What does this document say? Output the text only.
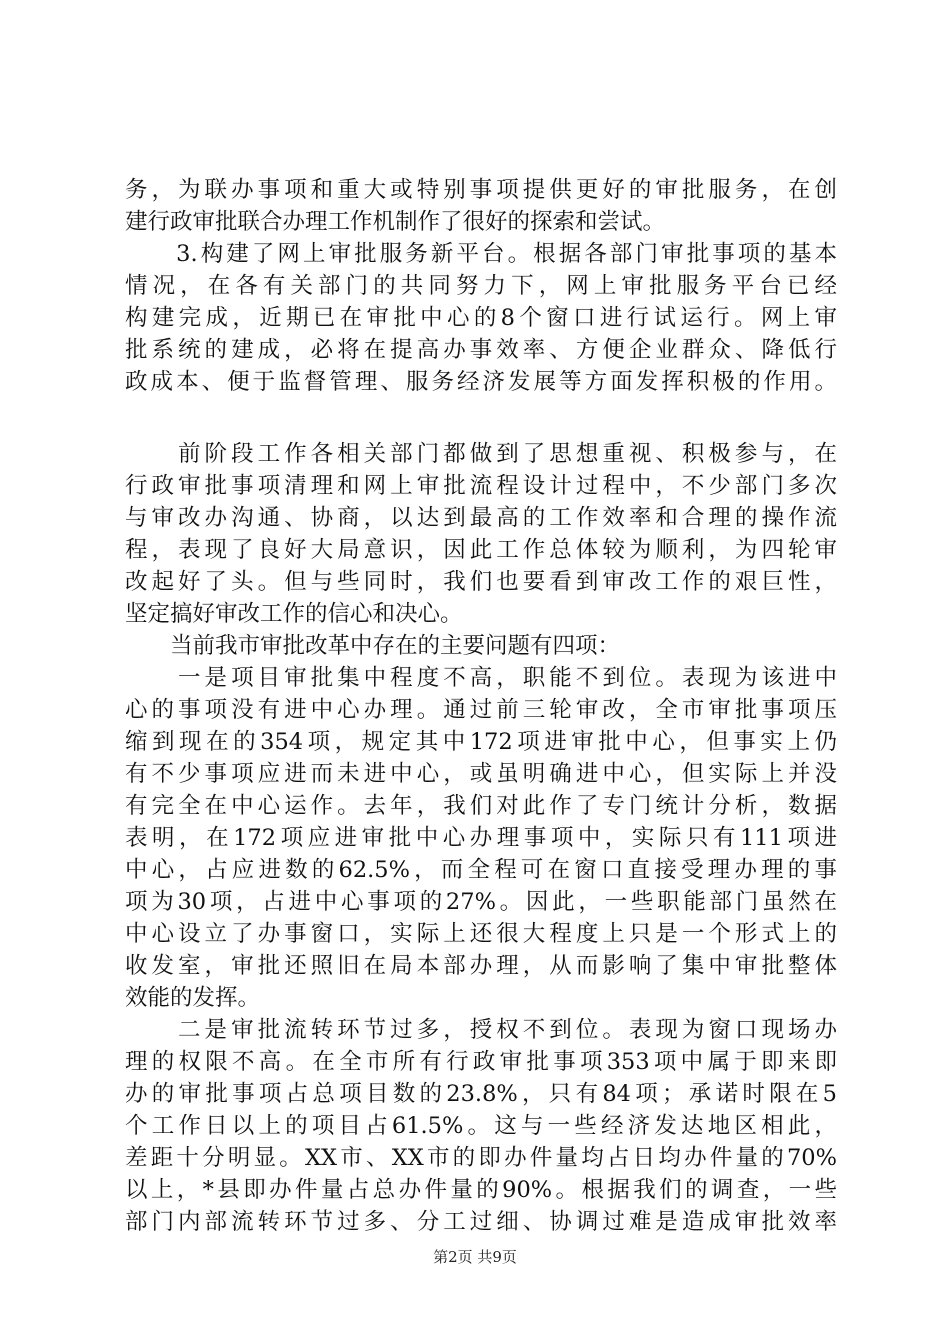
务，为联办事项和重大或特别事项提供更好的审批服务，在创
建行政审批联合办理工作机制作了很好的探索和尝试。
　　3.构建了网上审批服务新平台。根据各部门审批事项的基本
情况，在各有关部门的共同努力下，网上审批服务平台已经
构建完成，近期已在审批中心的8个窗口进行试运行。网上审
批系统的建成，必将在提高办事效率、方便企业群众、降低行
政成本、便于监督管理、服务经济发展等方面发挥积极的作用。
　　前阶段工作各相关部门都做到了思想重视、积极参与，在
行政审批事项清理和网上审批流程设计过程中，不少部门多次
与审改办沟通、协商，以达到最高的工作效率和合理的操作流
程，表现了良好大局意识，因此工作总体较为顺利，为四轮审
改起好了头。但与些同时，我们也要看到审改工作的艰巨性，
坚定搞好审改工作的信心和决心。
　　当前我市审批改革中存在的主要问题有四项：
　　一是项目审批集中程度不高，职能不到位。表现为该进中
心的事项没有进中心办理。通过前三轮审改，全市审批事项压
缩到现在的354项，规定其中172项进审批中心，但事实上仍
有不少事项应进而未进中心，或虽明确进中心，但实际上并没
有完全在中心运作。去年，我们对此作了专门统计分析，数据
表明，在172项应进审批中心办理事项中，实际只有111项进
中心，占应进数的62.5%，而全程可在窗口直接受理办理的事
项为30项，占进中心事项的27%。因此，一些职能部门虽然在
中心设立了办事窗口，实际上还很大程度上只是一个形式上的
收发室，审批还照旧在局本部办理，从而影响了集中审批整体
效能的发挥。
　　二是审批流转环节过多，授权不到位。表现为窗口现场办
理的权限不高。在全市所有行政审批事项353项中属于即来即
办的审批事项占总项目数的23.8%，只有84项；承诺时限在5
个工作日以上的项目占61.5%。这与一些经济发达地区相此，
差距十分明显。XX市、XX市的即办件量均占日均办件量的70%
以上，*县即办件量占总办件量的90%。根据我们的调查，一些
部门内部流转环节过多、分工过细、协调过难是造成审批效率
第2页 共9页
